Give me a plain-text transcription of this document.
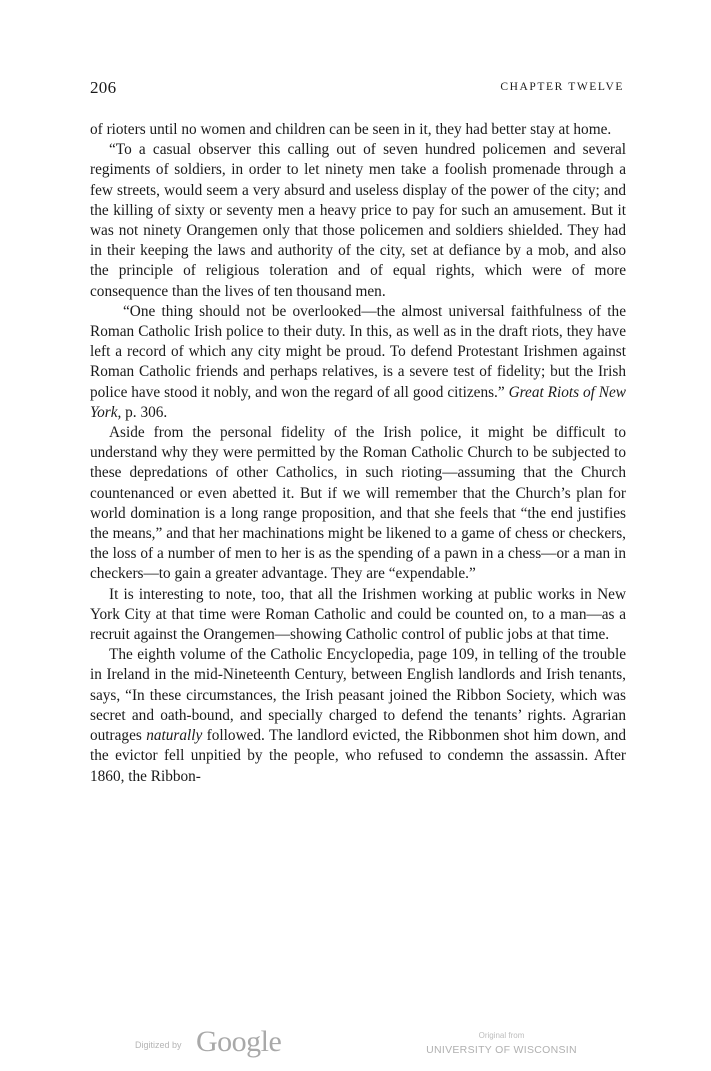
206	CHAPTER TWELVE

of rioters until no women and children can be seen in it, they had better stay at home.

“To a casual observer this calling out of seven hundred policemen and several regiments of soldiers, in order to let ninety men take a foolish promenade through a few streets, would seem a very absurd and useless display of the power of the city; and the killing of sixty or seventy men a heavy price to pay for such an amusement. But it was not ninety Orangemen only that those policemen and soldiers shielded. They had in their keeping the laws and authority of the city, set at defiance by a mob, and also the principle of religious toleration and of equal rights, which were of more consequence than the lives of ten thousand men.

“One thing should not be overlooked—the almost universal faithfulness of the Roman Catholic Irish police to their duty. In this, as well as in the draft riots, they have left a record of which any city might be proud. To defend Protestant Irishmen against Roman Catholic friends and perhaps relatives, is a severe test of fidelity; but the Irish police have stood it nobly, and won the regard of all good citizens.” Great Riots of New York, p. 306.

Aside from the personal fidelity of the Irish police, it might be difficult to understand why they were permitted by the Roman Catholic Church to be subjected to these depredations of other Catholics, in such rioting—assuming that the Church countenanced or even abetted it. But if we will remember that the Church’s plan for world domination is a long range proposition, and that she feels that “the end justifies the means,” and that her machinations might be likened to a game of chess or checkers, the loss of a number of men to her is as the spending of a pawn in a chess—or a man in checkers—to gain a greater advantage. They are “expendable.”

It is interesting to note, too, that all the Irishmen working at public works in New York City at that time were Roman Catholic and could be counted on, to a man—as a recruit against the Orangemen—showing Catholic control of public jobs at that time.

The eighth volume of the Catholic Encyclopedia, page 109, in telling of the trouble in Ireland in the mid-Nineteenth Century, between English landlords and Irish tenants, says, “In these circumstances, the Irish peasant joined the Ribbon Society, which was secret and oath-bound, and specially charged to defend the tenants’ rights. Agrarian outrages naturally followed. The landlord evicted, the Ribbonmen shot him down, and the evictor fell unpitied by the people, who refused to condemn the assassin. After 1860, the Ribbon-

Digitized by Google	Original from
UNIVERSITY OF WISCONSIN
